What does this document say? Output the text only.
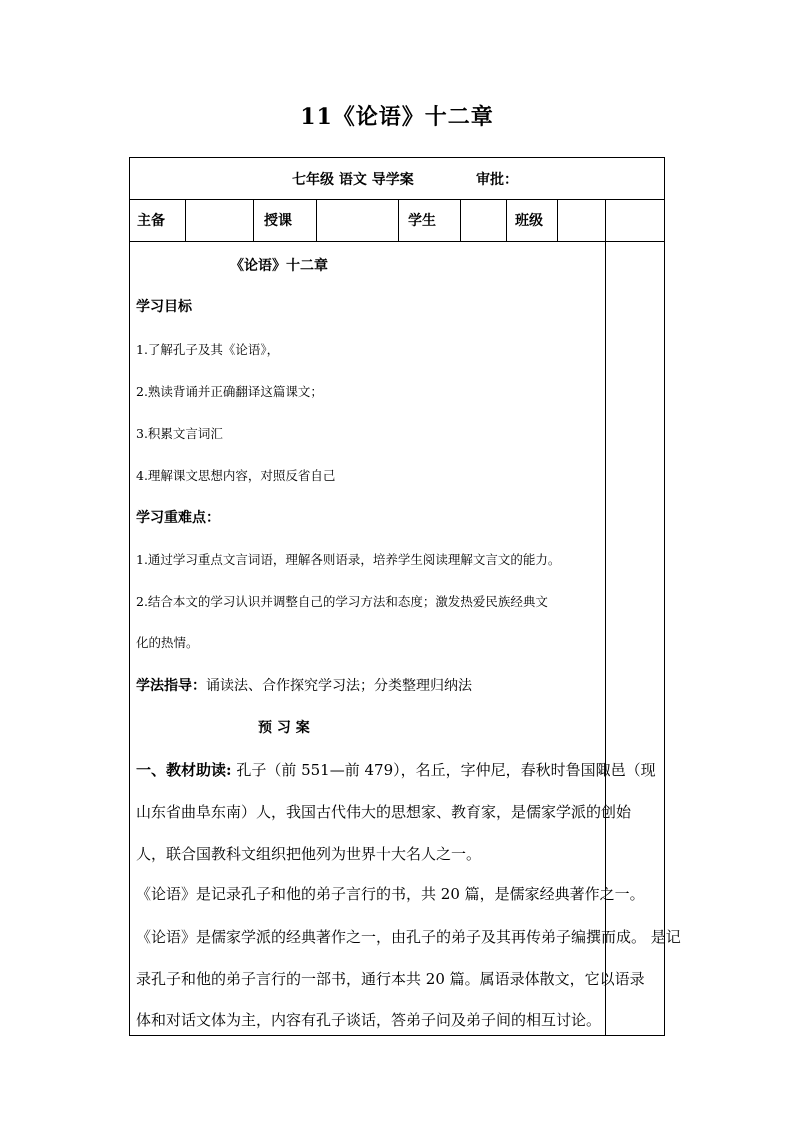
11《论语》十二章
七年级 语文 导学案	审批：
主备	授课	学生	班级
《论语》十二章
学习目标
1.了解孔子及其《论语》，
2.熟读背诵并正确翻译这篇课文；
3.积累文言词汇
4.理解课文思想内容，对照反省自己
学习重难点：
1.通过学习重点文言词语，理解各则语录，培养学生阅读理解文言文的能力。
2.结合本文的学习认识并调整自己的学习方法和态度；激发热爱民族经典文
化的热情。
学法指导：诵读法、合作探究学习法；分类整理归纳法
预 习 案
一、教材助读: 孔子（前 551—前 479），名丘，字仲尼，春秋时鲁国陬邑（现
山东省曲阜东南）人，我国古代伟大的思想家、教育家，是儒家学派的创始
人，联合国教科文组织把他列为世界十大名人之一。
《论语》是记录孔子和他的弟子言行的书，共 20 篇，是儒家经典著作之一。
《论语》是儒家学派的经典著作之一，由孔子的弟子及其再传弟子编撰而成。 是记
录孔子和他的弟子言行的一部书，通行本共 20 篇。属语录体散文，它以语录
体和对话文体为主，内容有孔子谈话，答弟子问及弟子间的相互讨论。
